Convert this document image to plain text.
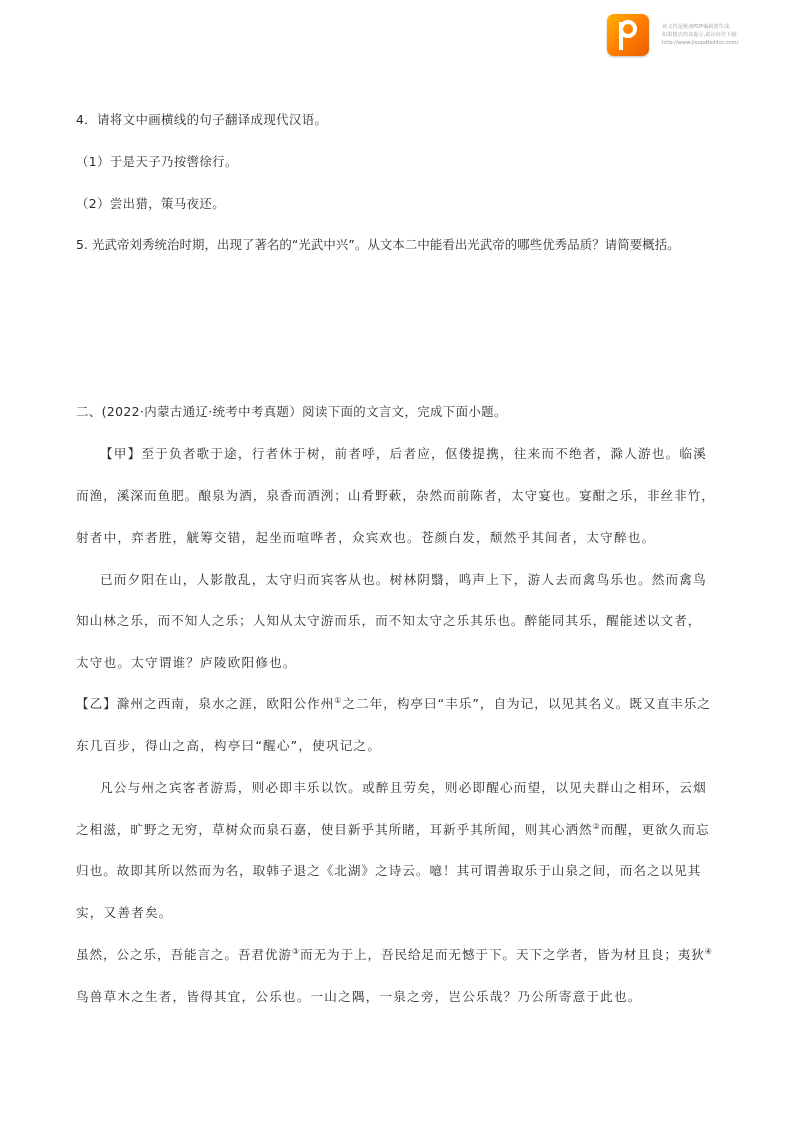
该文档是极速PDF编辑器生成,
如果想去掉该提示,请访问并下载:
http://www.jisupdfeditor.com/
4．请将文中画横线的句子翻译成现代汉语。
（1）于是天子乃按辔徐行。
（2）尝出猎，策马夜还。
5. 光武帝刘秀统治时期，出现了著名的“光武中兴”。从文本二中能看出光武帝的哪些优秀品质？请简要概括。
二、(2022·内蒙古通辽·统考中考真题）阅读下面的文言文，完成下面小题。
【甲】至于负者歌于途，行者休于树，前者呼，后者应，伛偻提携，往来而不绝者，滁人游也。临溪
而渔，溪深而鱼肥。酿泉为酒，泉香而酒洌；山肴野蔌，杂然而前陈者，太守宴也。宴酣之乐，非丝非竹，
射者中，弈者胜，觥筹交错，起坐而喧哗者，众宾欢也。苍颜白发，颓然乎其间者，太守醉也。
已而夕阳在山，人影散乱，太守归而宾客从也。树林阴翳，鸣声上下，游人去而禽鸟乐也。然而禽鸟
知山林之乐，而不知人之乐；人知从太守游而乐，而不知太守之乐其乐也。醉能同其乐，醒能述以文者，
太守也。太守谓谁？庐陵欧阳修也。
【乙】滁州之西南，泉水之涯，欧阳公作州①之二年，构亭曰“丰乐”，自为记，以见其名义。既又直丰乐之
东几百步，得山之高，构亭曰“醒心”，使巩记之。
凡公与州之宾客者游焉，则必即丰乐以饮。或醉且劳矣，则必即醒心而望，以见夫群山之相环，云烟
之相滋，旷野之无穷，草树众而泉石嘉，使目新乎其所睹，耳新乎其所闻，则其心洒然②而醒，更欲久而忘
归也。故即其所以然而为名，取韩子退之《北湖》之诗云。噫！其可谓善取乐于山泉之间，而名之以见其
实，又善者矣。
虽然，公之乐，吾能言之。吾君优游③而无为于上，吾民给足而无憾于下。天下之学者，皆为材且良；夷狄④
鸟兽草木之生者，皆得其宜，公乐也。一山之隅，一泉之旁，岂公乐哉？乃公所寄意于此也。
